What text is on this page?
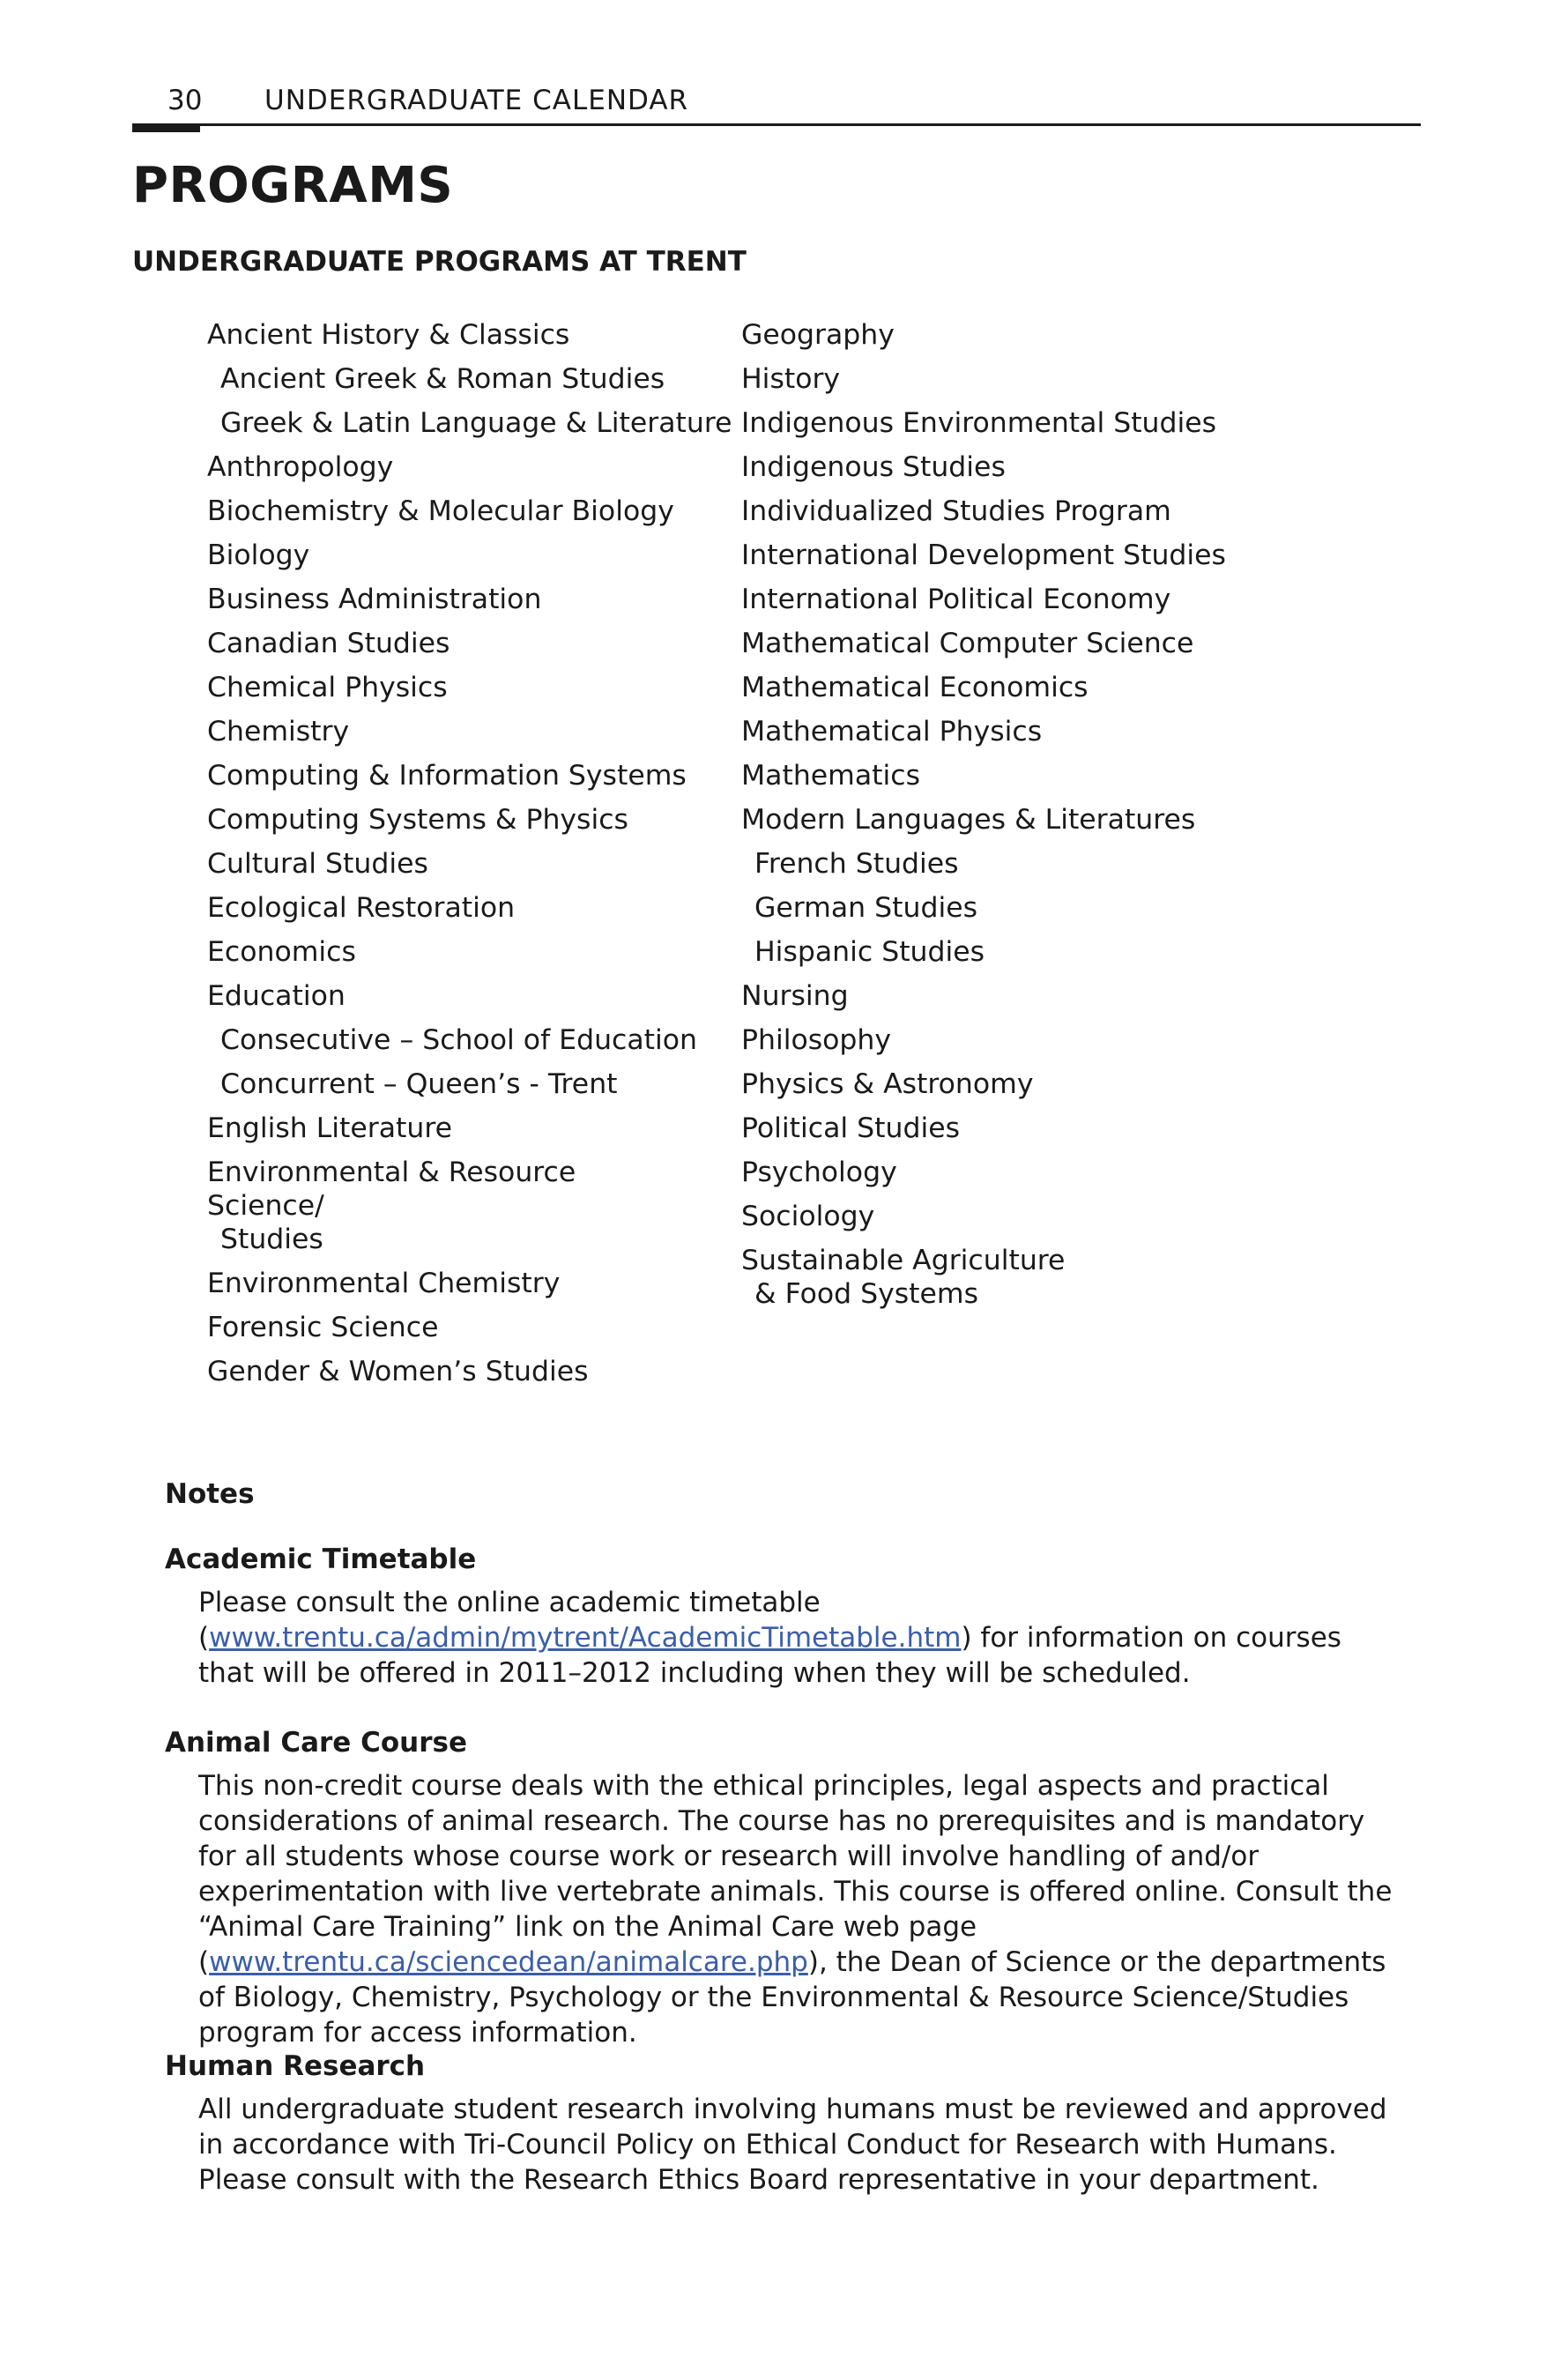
30 UNDERGRADUATE CALENDAR
PROGRAMS
UNDERGRADUATE PROGRAMS AT TRENT
Ancient History & Classics
Ancient Greek & Roman Studies
Greek & Latin Language & Literature
Anthropology
Biochemistry & Molecular Biology
Biology
Business Administration
Canadian Studies
Chemical Physics
Chemistry
Computing & Information Systems
Computing Systems & Physics
Cultural Studies
Ecological Restoration
Economics
Education
Consecutive – School of Education
Concurrent – Queen’s - Trent
English Literature
Environmental & Resource Science/
Studies
Environmental Chemistry
Forensic Science
Gender & Women’s Studies
Geography
History
Indigenous Environmental Studies
Indigenous Studies
Individualized Studies Program
International Development Studies
International Political Economy
Mathematical Computer Science
Mathematical Economics
Mathematical Physics
Mathematics
Modern Languages & Literatures
French Studies
German Studies
Hispanic Studies
Nursing
Philosophy
Physics & Astronomy
Political Studies
Psychology
Sociology
Sustainable Agriculture
& Food Systems
Notes
Academic Timetable

Please consult the online academic timetable (www.trentu.ca/admin/mytrent/AcademicTimetable.htm) for information on courses that will be offered in 2011–2012 including when they will be scheduled.

Animal Care Course

This non-credit course deals with the ethical principles, legal aspects and practical considerations of animal research. The course has no prerequisites and is mandatory for all students whose course work or research will involve handling of and/or experimentation with live vertebrate animals. This course is offered online. Consult the “Animal Care Training” link on the Animal Care web page (www.trentu.ca/sciencedean/animalcare.php), the Dean of Science or the departments of Biology, Chemistry, Psychology or the Environmental & Resource Science/Studies program for access information.

Human Research

All undergraduate student research involving humans must be reviewed and approved in accordance with Tri-Council Policy on Ethical Conduct for Research with Humans. Please consult with the Research Ethics Board representative in your department.
